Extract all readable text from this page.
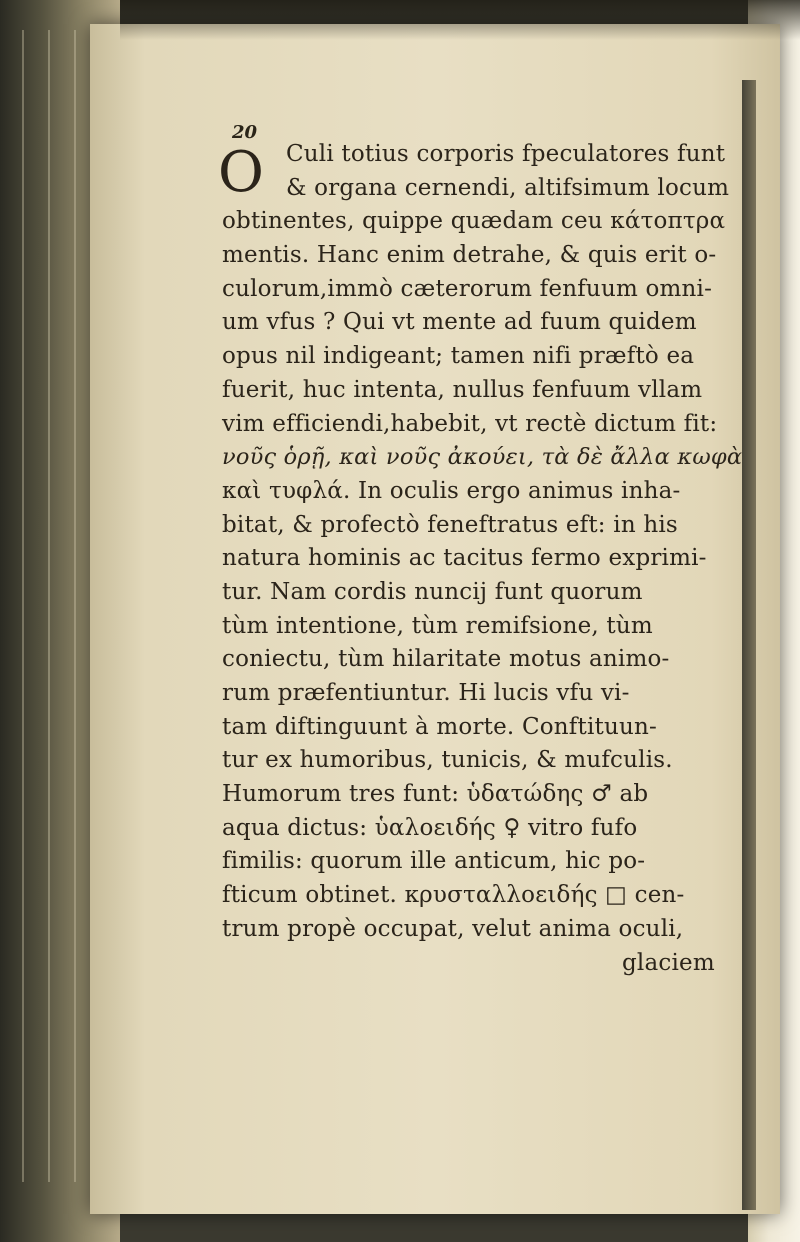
20
O Culi totius corporis fpeculatores funt
& organa cernendi, altifsimum locum
obtinentes, quippe quædam ceu κάτοπτρα
mentis. Hanc enim detrahe, & quis erit o-
culorum,immò cæterorum fenfuum omni-
um vfus ? Qui vt mente ad fuum quidem
opus nil indigeant; tamen nifi præftò ea
fuerit, huc intenta, nullus fenfuum vllam
vim efficiendi,habebit, vt rectè dictum fit:
νοῦς ὁρῇ, καὶ νοῦς ἀκούει, τὰ δὲ ἄλλα κωφὰ
καὶ τυφλά. In oculis ergo animus inha-
bitat, & profectò feneftratus eft: in his
natura hominis ac tacitus fermo exprimi-
tur. Nam cordis nuncij funt quorum
tùm intentione, tùm remifsione, tùm
coniectu, tùm hilaritate motus animo-
rum præfentiuntur. Hi lucis vfu vi-
tam diftinguunt à morte. Conftituun-
tur ex humoribus, tunicis, & mufculis.
Humorum tres funt: ὑδατώδης ♂ ab
aqua dictus: ὑαλοειδής ♀ vitro fufo
fimilis: quorum ille anticum, hic po-
fticum obtinet. κρυσταλλοειδής □ cen-
trum propè occupat, velut anima oculi,
glaciem
